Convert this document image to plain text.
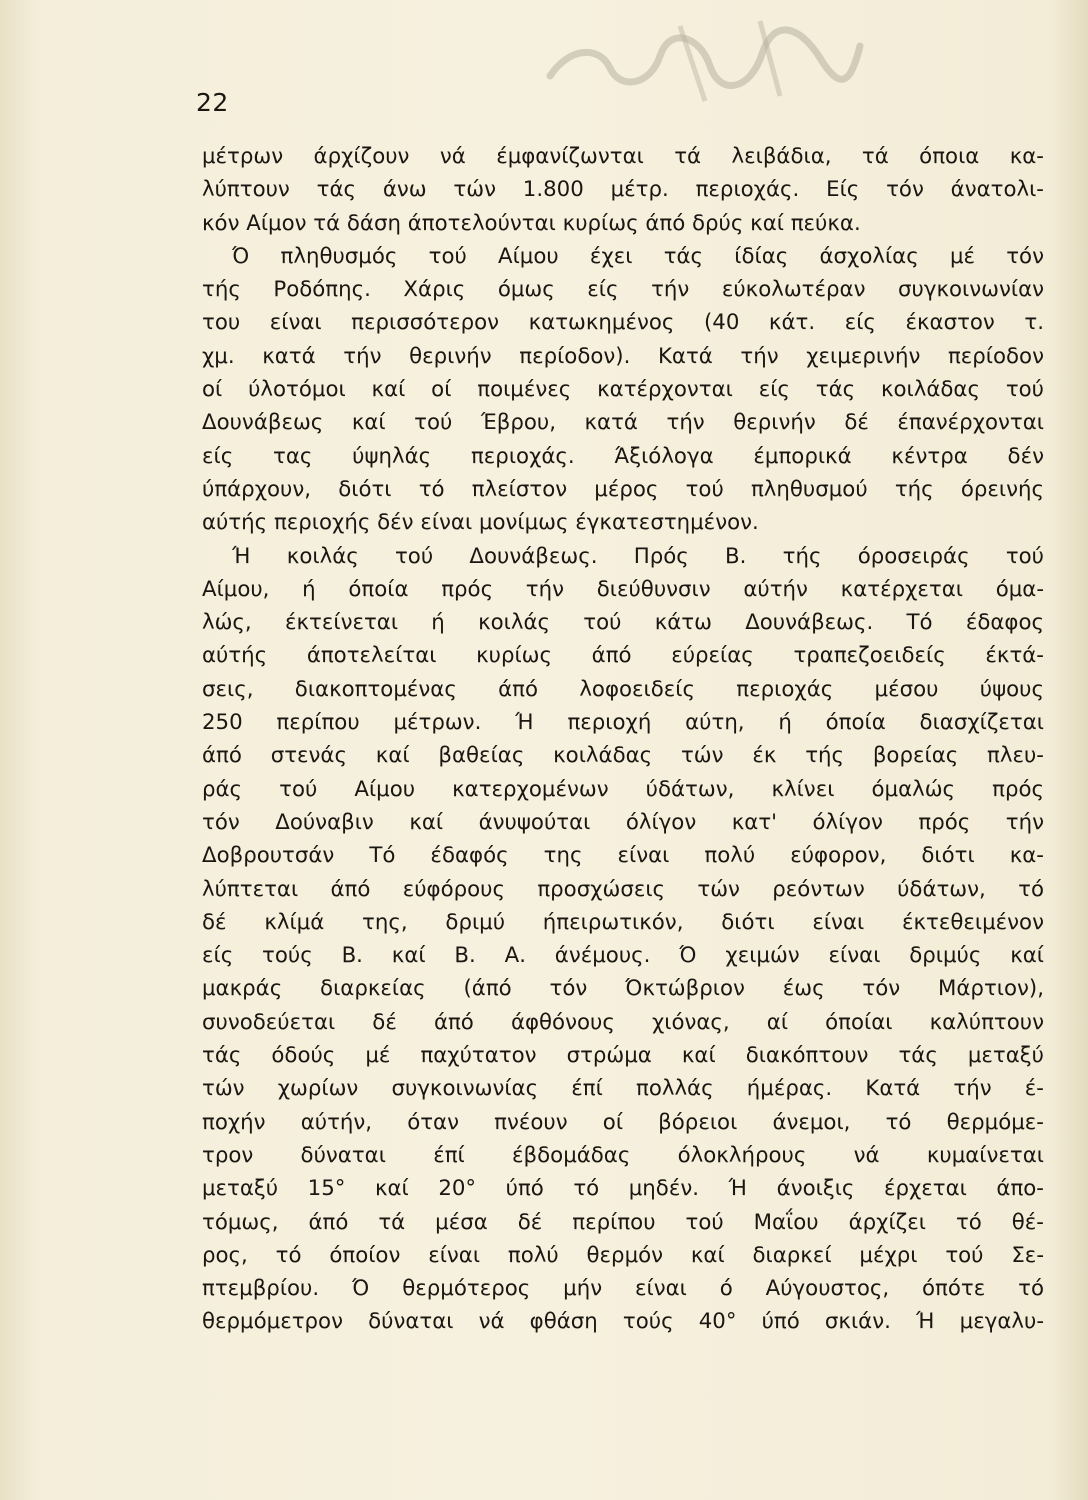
22
μέτρων άρχίζουν νά έμφανίζωνται τά λειβάδια, τά όποια κα-
λύπτουν τάς άνω τών 1.800 μέτρ. περιοχάς. Είς τόν άνατολι-
κόν Αίμον τά δάση άποτελούνται κυρίως άπό δρύς καί πεύκα.
Ό πληθυσμός τού Αίμου έχει τάς ίδίας άσχολίας μέ τόν
τής Ροδόπης. Χάρις όμως είς τήν εύκολωτέραν συγκοινωνίαν
του είναι περισσότερον κατωκημένος (40 κάτ. είς έκαστον τ.
χμ. κατά τήν θερινήν περίοδον). Κατά τήν χειμερινήν περίοδον
οί ύλοτόμοι καί οί ποιμένες κατέρχονται είς τάς κοιλάδας τού
Δουνάβεως καί τού Έβρου, κατά τήν θερινήν δέ έπανέρχονται
είς τας ύψηλάς περιοχάς. Άξιόλογα έμπορικά κέντρα δέν
ύπάρχουν, διότι τό πλείστον μέρος τού πληθυσμού τής όρεινής
αύτής περιοχής δέν είναι μονίμως έγκατεστημένον.
Ή κοιλάς τού Δουνάβεως. Πρός Β. τής όροσειράς τού
Αίμου, ή όποία πρός τήν διεύθυνσιν αύτήν κατέρχεται όμα-
λώς, έκτείνεται ή κοιλάς τού κάτω Δουνάβεως. Τό έδαφος
αύτής άποτελείται κυρίως άπό εύρείας τραπεζοειδείς έκτά-
σεις, διακοπτομένας άπό λοφοειδείς περιοχάς μέσου ύψους
250 περίπου μέτρων. Ή περιοχή αύτη, ή όποία διασχίζεται
άπό στενάς καί βαθείας κοιλάδας τών έκ τής βορείας πλευ-
ράς τού Αίμου κατερχομένων ύδάτων, κλίνει όμαλώς πρός
τόν Δούναβιν καί άνυψούται όλίγον κατ' όλίγον πρός τήν
Δοβρουτσάν Τό έδαφός της είναι πολύ εύφορον, διότι κα-
λύπτεται άπό εύφόρους προσχώσεις τών ρεόντων ύδάτων, τό
δέ κλίμά της, δριμύ ήπειρωτικόν, διότι είναι έκτεθειμένον
είς τούς Β. καί Β. Α. άνέμους. Ό χειμών είναι δριμύς καί
μακράς διαρκείας (άπό τόν Όκτώβριον έως τόν Μάρτιον),
συνοδεύεται δέ άπό άφθόνους χιόνας, αί όποίαι καλύπτουν
τάς όδούς μέ παχύτατον στρώμα καί διακόπτουν τάς μεταξύ
τών χωρίων συγκοινωνίας έπί πολλάς ήμέρας. Κατά τήν έ-
ποχήν αύτήν, όταν πνέουν οί βόρειοι άνεμοι, τό θερμόμε-
τρον δύναται έπί έβδομάδας όλοκλήρους νά κυμαίνεται
μεταξύ 15° καί 20° ύπό τό μηδέν. Ή άνοιξις έρχεται άπο-
τόμως, άπό τά μέσα δέ περίπου τού Μαΐου άρχίζει τό θέ-
ρος, τό όποίον είναι πολύ θερμόν καί διαρκεί μέχρι τού Σε-
πτεμβρίου. Ό θερμότερος μήν είναι ό Αύγουστος, όπότε τό
θερμόμετρον δύναται νά φθάση τούς 40° ύπό σκιάν. Ή μεγαλυ-
